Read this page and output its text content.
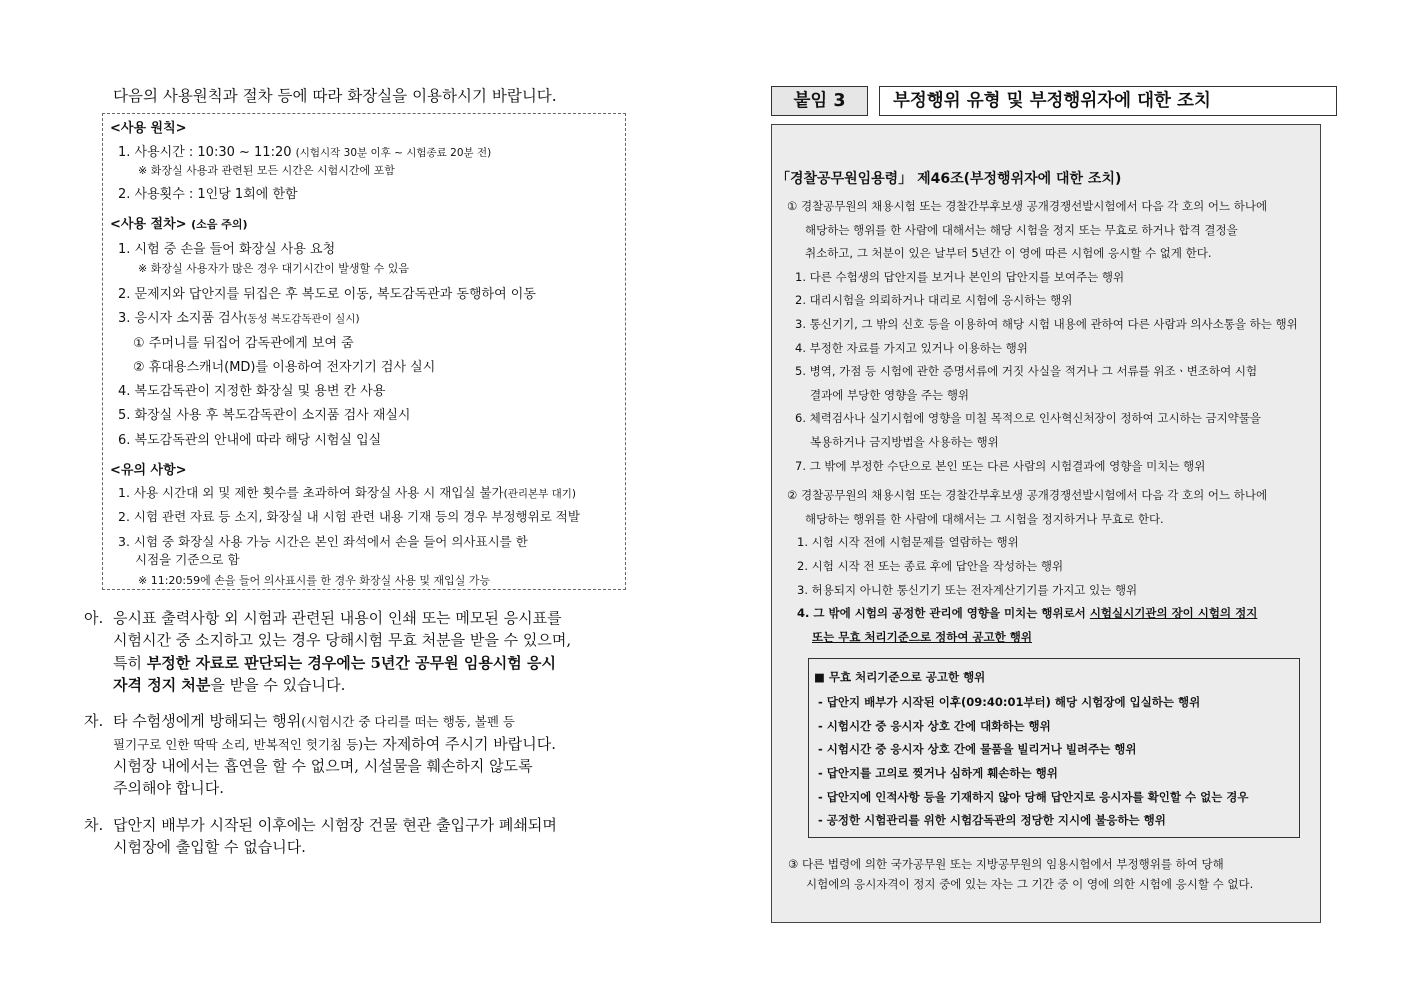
다음의 사용원칙과 절차 등에 따라 화장실을 이용하시기 바랍니다.
<사용 원칙>
1. 사용시간 : 10:30 ~ 11:20 (시험시작 30분 이후 ~ 시험종료 20분 전)
※ 화장실 사용과 관련된 모든 시간은 시험시간에 포함
2. 사용횟수 : 1인당 1회에 한함
<사용 절차> (소음 주의)
1. 시험 중 손을 들어 화장실 사용 요청
※ 화장실 사용자가 많은 경우 대기시간이 발생할 수 있음
2. 문제지와 답안지를 뒤집은 후 복도로 이동, 복도감독관과 동행하여 이동
3. 응시자 소지품 검사(동성 복도감독관이 실시)
① 주머니를 뒤집어 감독관에게 보여 줌
② 휴대용스캐너(MD)를 이용하여 전자기기 검사 실시
4. 복도감독관이 지정한 화장실 및 용변 칸 사용
5. 화장실 사용 후 복도감독관이 소지품 검사 재실시
6. 복도감독관의 안내에 따라 해당 시험실 입실
<유의 사항>
1. 사용 시간대 외 및 제한 횟수를 초과하여 화장실 사용 시 재입실 불가(관리본부 대기)
2. 시험 관련 자료 등 소지, 화장실 내 시험 관련 내용 기재 등의 경우 부정행위로 적발
3. 시험 중 화장실 사용 가능 시간은 본인 좌석에서 손을 들어 의사표시를 한
시점을 기준으로 함
※ 11:20:59에 손을 들어 의사표시를 한 경우 화장실 사용 및 재입실 가능
아. 응시표 출력사항 외 시험과 관련된 내용이 인쇄 또는 메모된 응시표를
시험시간 중 소지하고 있는 경우 당해시험 무효 처분을 받을 수 있으며,
특히 부정한 자료로 판단되는 경우에는 5년간 공무원 임용시험 응시
자격 정지 처분을 받을 수 있습니다.
자. 타 수험생에게 방해되는 행위(시험시간 중 다리를 떠는 행동, 볼펜 등
필기구로 인한 딱딱 소리, 반복적인 헛기침 등)는 자제하여 주시기 바랍니다.
시험장 내에서는 흡연을 할 수 없으며, 시설물을 훼손하지 않도록
주의해야 합니다.
차. 답안지 배부가 시작된 이후에는 시험장 건물 현관 출입구가 폐쇄되며
시험장에 출입할 수 없습니다.
붙임 3	부정행위 유형 및 부정행위자에 대한 조치
「경찰공무원임용령」 제46조(부정행위자에 대한 조치)
① 경찰공무원의 채용시험 또는 경찰간부후보생 공개경쟁선발시험에서 다음 각 호의 어느 하나에
해당하는 행위를 한 사람에 대해서는 해당 시험을 정지 또는 무효로 하거나 합격 결정을
취소하고, 그 처분이 있은 날부터 5년간 이 영에 따른 시험에 응시할 수 없게 한다.
1. 다른 수험생의 답안지를 보거나 본인의 답안지를 보여주는 행위
2. 대리시험을 의뢰하거나 대리로 시험에 응시하는 행위
3. 통신기기, 그 밖의 신호 등을 이용하여 해당 시험 내용에 관하여 다른 사람과 의사소통을 하는 행위
4. 부정한 자료를 가지고 있거나 이용하는 행위
5. 병역, 가점 등 시험에 관한 증명서류에 거짓 사실을 적거나 그 서류를 위조ㆍ변조하여 시험
결과에 부당한 영향을 주는 행위
6. 체력검사나 실기시험에 영향을 미칠 목적으로 인사혁신처장이 정하여 고시하는 금지약물을
복용하거나 금지방법을 사용하는 행위
7. 그 밖에 부정한 수단으로 본인 또는 다른 사람의 시험결과에 영향을 미치는 행위
② 경찰공무원의 채용시험 또는 경찰간부후보생 공개경쟁선발시험에서 다음 각 호의 어느 하나에
해당하는 행위를 한 사람에 대해서는 그 시험을 정지하거나 무효로 한다.
1. 시험 시작 전에 시험문제를 열람하는 행위
2. 시험 시작 전 또는 종료 후에 답안을 작성하는 행위
3. 허용되지 아니한 통신기기 또는 전자계산기기를 가지고 있는 행위
4. 그 밖에 시험의 공정한 관리에 영향을 미치는 행위로서 시험실시기관의 장이 시험의 정지
또는 무효 처리기준으로 정하여 공고한 행위
■ 무효 처리기준으로 공고한 행위
- 답안지 배부가 시작된 이후(09:40:01부터) 해당 시험장에 입실하는 행위
- 시험시간 중 응시자 상호 간에 대화하는 행위
- 시험시간 중 응시자 상호 간에 물품을 빌리거나 빌려주는 행위
- 답안지를 고의로 찢거나 심하게 훼손하는 행위
- 답안지에 인적사항 등을 기재하지 않아 당해 답안지로 응시자를 확인할 수 없는 경우
- 공정한 시험관리를 위한 시험감독관의 정당한 지시에 불응하는 행위
③ 다른 법령에 의한 국가공무원 또는 지방공무원의 임용시험에서 부정행위를 하여 당해
시험에의 응시자격이 정지 중에 있는 자는 그 기간 중 이 영에 의한 시험에 응시할 수 없다.
